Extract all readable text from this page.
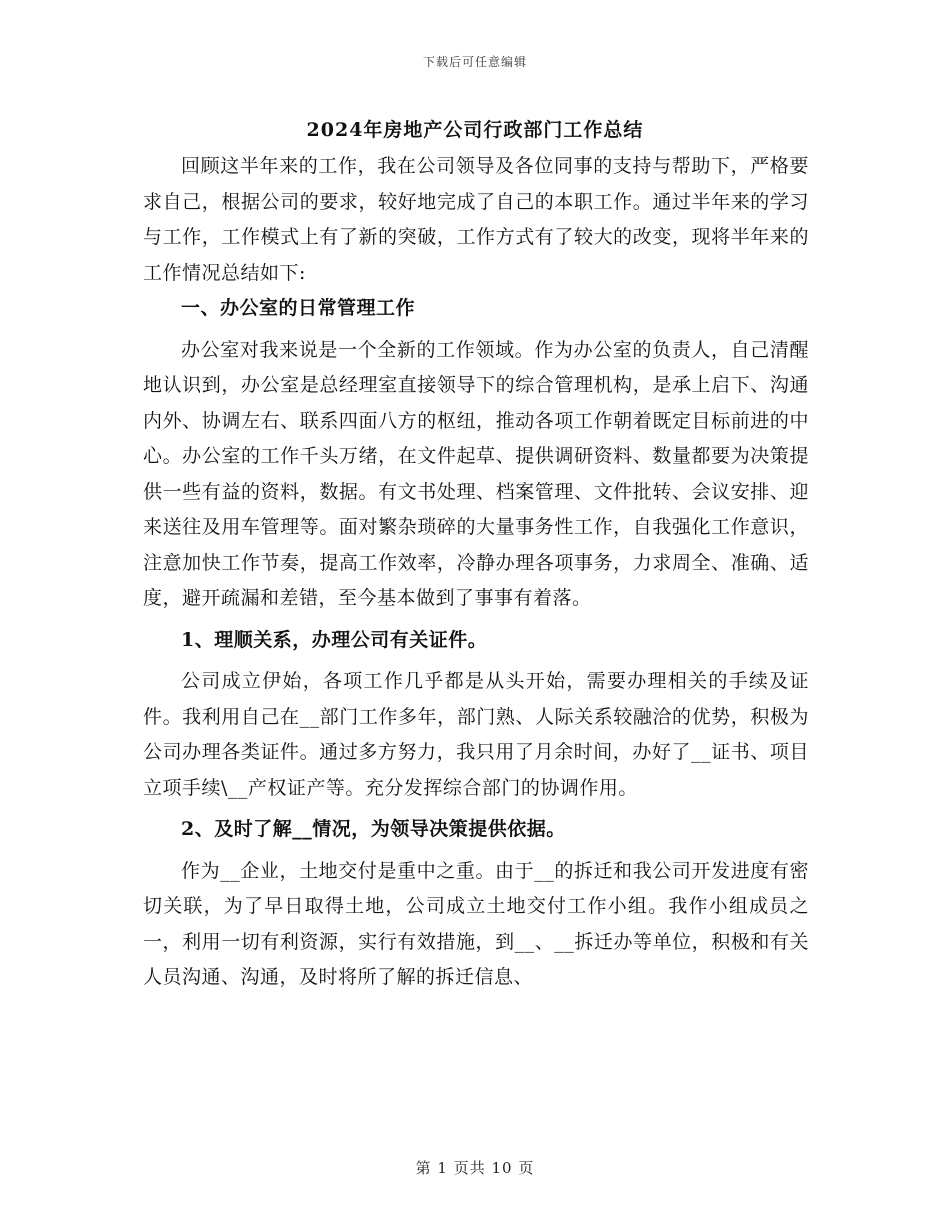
下载后可任意编辑
2024年房地产公司行政部门工作总结

回顾这半年来的工作，我在公司领导及各位同事的支持与帮助下，严格要求自己，根据公司的要求，较好地完成了自己的本职工作。通过半年来的学习与工作，工作模式上有了新的突破，工作方式有了较大的改变，现将半年来的工作情况总结如下:

一、办公室的日常管理工作

办公室对我来说是一个全新的工作领域。作为办公室的负责人，自己清醒地认识到，办公室是总经理室直接领导下的综合管理机构，是承上启下、沟通内外、协调左右、联系四面八方的枢纽，推动各项工作朝着既定目标前进的中心。办公室的工作千头万绪，在文件起草、提供调研资料、数量都要为决策提供一些有益的资料，数据。有文书处理、档案管理、文件批转、会议安排、迎来送往及用车管理等。面对繁杂琐碎的大量事务性工作，自我强化工作意识，注意加快工作节奏，提高工作效率，冷静办理各项事务，力求周全、准确、适度，避开疏漏和差错，至今基本做到了事事有着落。

1、理顺关系，办理公司有关证件。

公司成立伊始，各项工作几乎都是从头开始，需要办理相关的手续及证件。我利用自己在__部门工作多年，部门熟、人际关系较融洽的优势，积极为公司办理各类证件。通过多方努力，我只用了月余时间，办好了__证书、项目立项手续\__产权证产等。充分发挥综合部门的协调作用。

2、及时了解__情况，为领导决策提供依据。

作为__企业，土地交付是重中之重。由于__的拆迁和我公司开发进度有密切关联，为了早日取得土地，公司成立土地交付工作小组。我作小组成员之一，利用一切有利资源，实行有效措施，到__、__拆迁办等单位，积极和有关人员沟通、沟通，及时将所了解的拆迁信息、

第 1 页共 10 页
